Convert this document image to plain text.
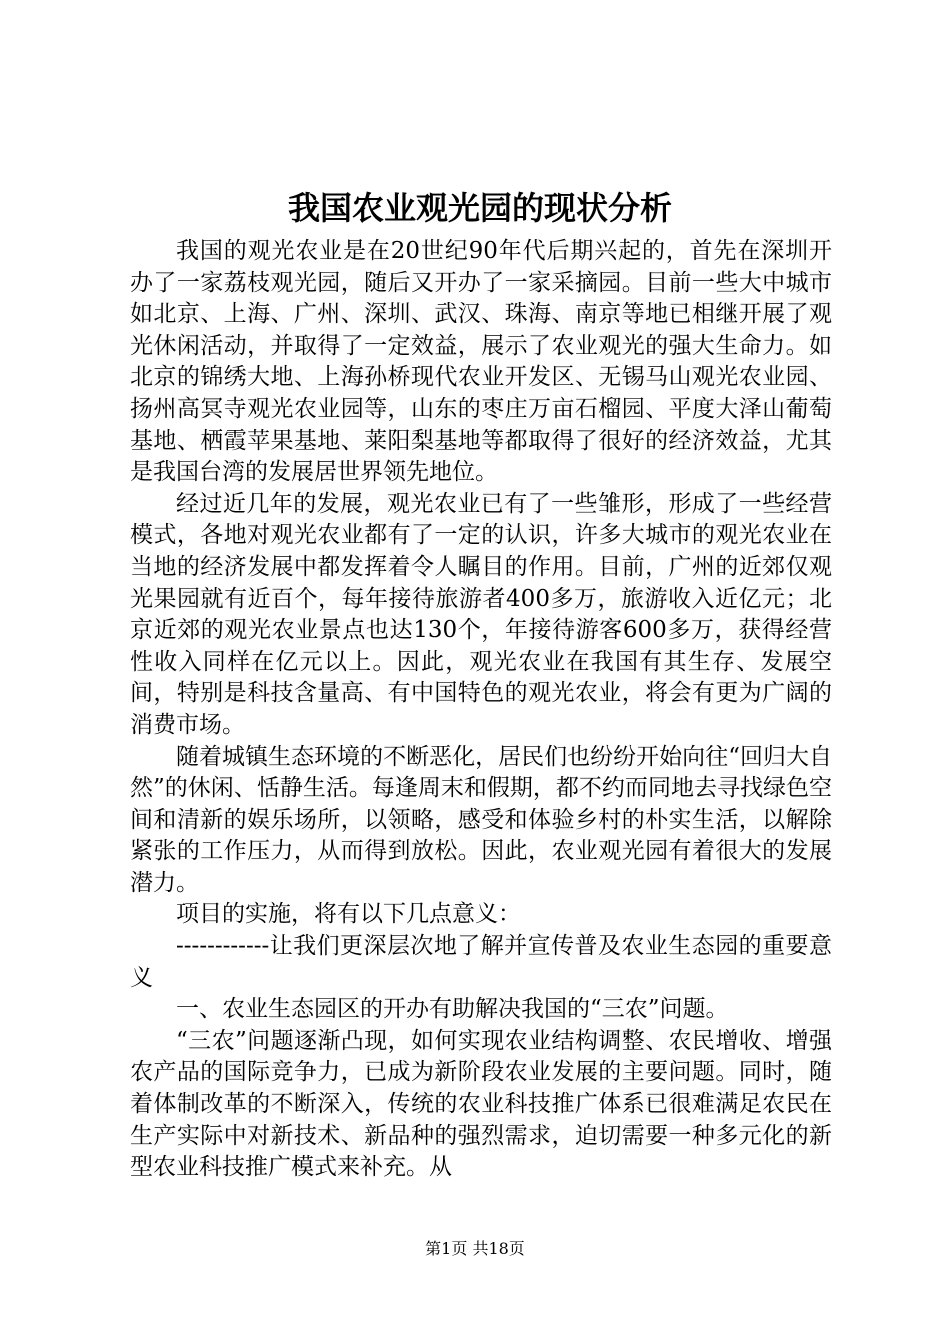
我国农业观光园的现状分析

我国的观光农业是在20世纪90年代后期兴起的，首先在深圳开办了一家荔枝观光园，随后又开办了一家采摘园。目前一些大中城市如北京、上海、广州、深圳、武汉、珠海、南京等地已相继开展了观光休闲活动，并取得了一定效益，展示了农业观光的强大生命力。如北京的锦绣大地、上海孙桥现代农业开发区、无锡马山观光农业园、扬州高冥寺观光农业园等，山东的枣庄万亩石榴园、平度大泽山葡萄基地、栖霞苹果基地、莱阳梨基地等都取得了很好的经济效益，尤其是我国台湾的发展居世界领先地位。

经过近几年的发展，观光农业已有了一些雏形，形成了一些经营模式，各地对观光农业都有了一定的认识，许多大城市的观光农业在当地的经济发展中都发挥着令人瞩目的作用。目前，广州的近郊仅观光果园就有近百个，每年接待旅游者400多万，旅游收入近亿元；北京近郊的观光农业景点也达130个，年接待游客600多万，获得经营性收入同样在亿元以上。因此，观光农业在我国有其生存、发展空间，特别是科技含量高、有中国特色的观光农业，将会有更为广阔的消费市场。

随着城镇生态环境的不断恶化，居民们也纷纷开始向往“回归大自然”的休闲、恬静生活。每逢周末和假期，都不约而同地去寻找绿色空间和清新的娱乐场所，以领略，感受和体验乡村的朴实生活，以解除紧张的工作压力，从而得到放松。因此，农业观光园有着很大的发展潜力。

项目的实施，将有以下几点意义：

------------让我们更深层次地了解并宣传普及农业生态园的重要意义

一、农业生态园区的开办有助解决我国的“三农”问题。

“三农”问题逐渐凸现，如何实现农业结构调整、农民增收、增强农产品的国际竞争力，已成为新阶段农业发展的主要问题。同时，随着体制改革的不断深入，传统的农业科技推广体系已很难满足农民在生产实际中对新技术、新品种的强烈需求，迫切需要一种多元化的新型农业科技推广模式来补充。从

第1页 共18页
